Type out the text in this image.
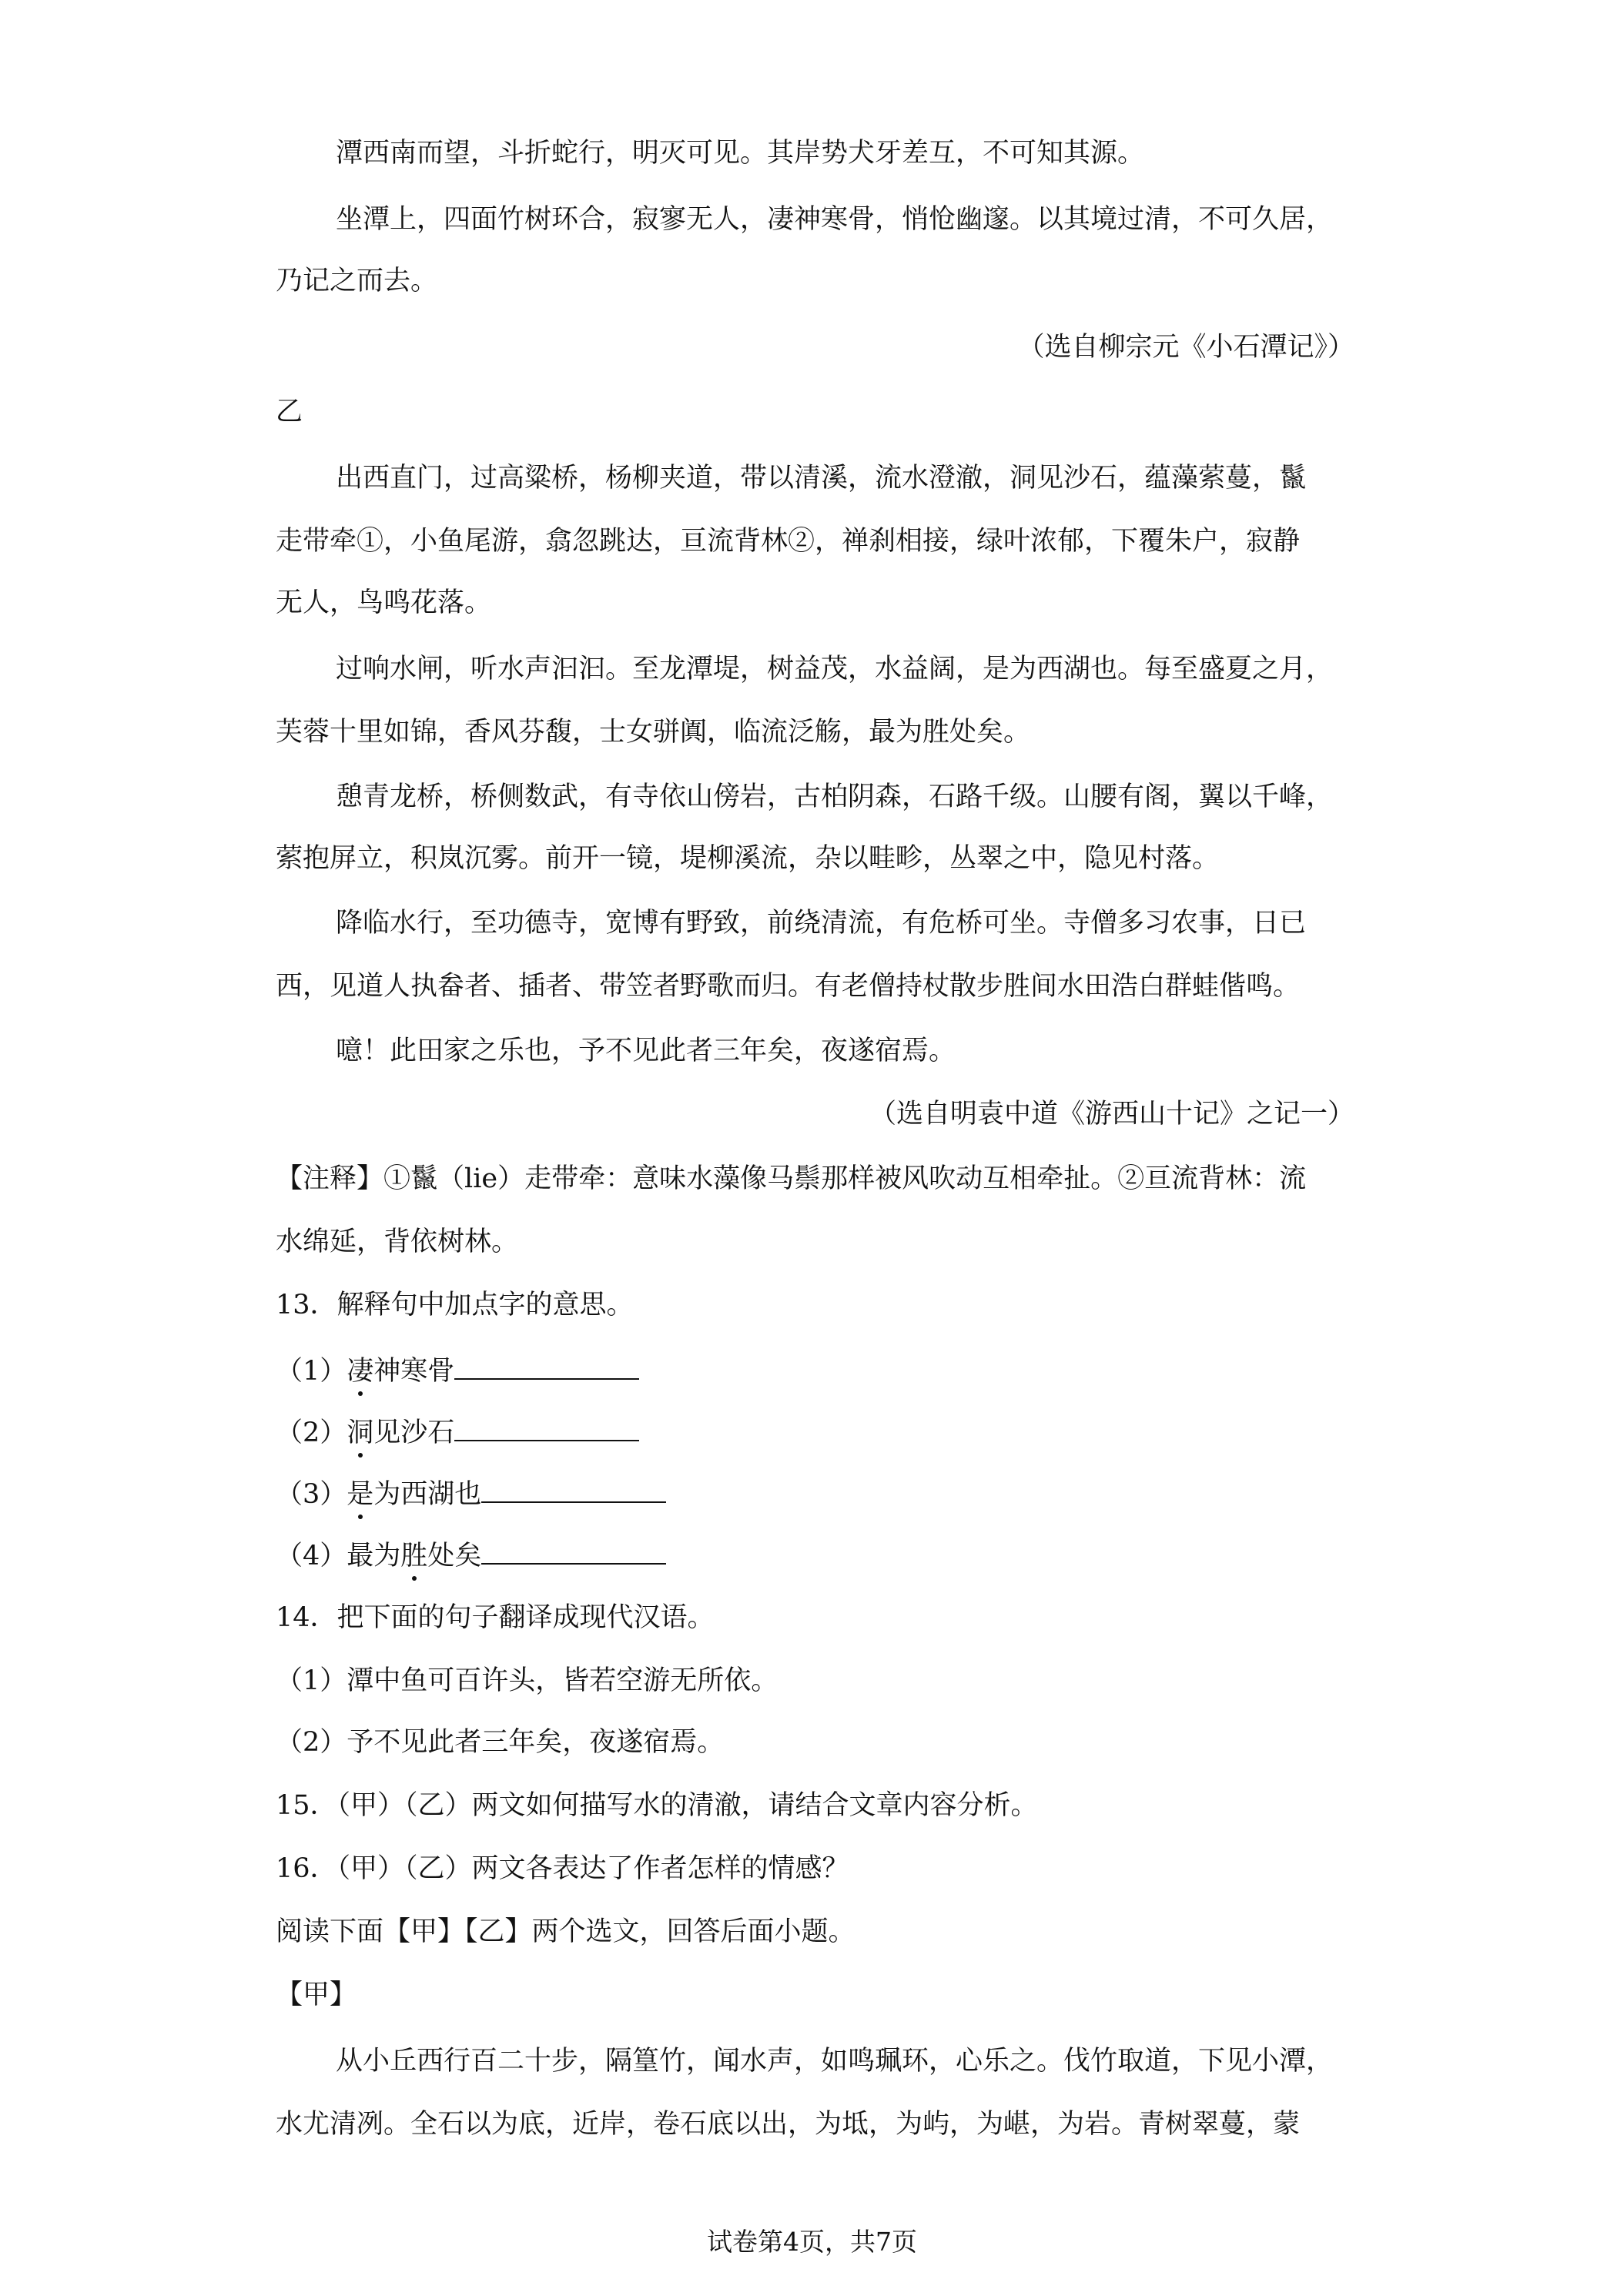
潭西南而望，斗折蛇行，明灭可见。其岸势犬牙差互，不可知其源。
坐潭上，四面竹树环合，寂寥无人，凄神寒骨，悄怆幽邃。以其境过清，不可久居，
乃记之而去。
（选自柳宗元《小石潭记》）
乙
出西直门，过高粱桥，杨柳夹道，带以清溪，流水澄澈，洞见沙石，蕴藻萦蔓，鬣
走带牵①，小鱼尾游，翕忽跳达，亘流背林②，禅刹相接，绿叶浓郁，下覆朱户，寂静
无人，鸟鸣花落。
过响水闸，听水声汩汩。至龙潭堤，树益茂，水益阔，是为西湖也。每至盛夏之月，
芙蓉十里如锦，香风芬馥，士女骈阗，临流泛觞，最为胜处矣。
憩青龙桥，桥侧数武，有寺依山傍岩，古柏阴森，石路千级。山腰有阁，翼以千峰，
萦抱屏立，积岚沉雾。前开一镜，堤柳溪流，杂以畦畛，丛翠之中，隐见村落。
降临水行，至功德寺，宽博有野致，前绕清流，有危桥可坐。寺僧多习农事，日已
西，见道人执畚者、插者、带笠者野歌而归。有老僧持杖散步胜间水田浩白群蛙偕鸣。
噫！此田家之乐也，予不见此者三年矣，夜遂宿焉。
（选自明袁中道《游西山十记》之记一）
【注释】①鬣（lie）走带牵：意味水藻像马鬃那样被风吹动互相牵扯。②亘流背林：流
水绵延，背依树林。
13．解释句中加点字的意思。
（1）凄神寒骨
（2）洞见沙石
（3）是为西湖也
（4）最为胜处矣
14．把下面的句子翻译成现代汉语。
（1）潭中鱼可百许头，皆若空游无所依。
（2）予不见此者三年矣，夜遂宿焉。
15．（甲）（乙）两文如何描写水的清澈，请结合文章内容分析。
16．（甲）（乙）两文各表达了作者怎样的情感？
阅读下面【甲】【乙】两个选文，回答后面小题。
【甲】
从小丘西行百二十步，隔篁竹，闻水声，如鸣珮环，心乐之。伐竹取道，下见小潭，
水尤清冽。全石以为底，近岸，卷石底以出，为坻，为屿，为嵁，为岩。青树翠蔓，蒙
试卷第4页，共7页
